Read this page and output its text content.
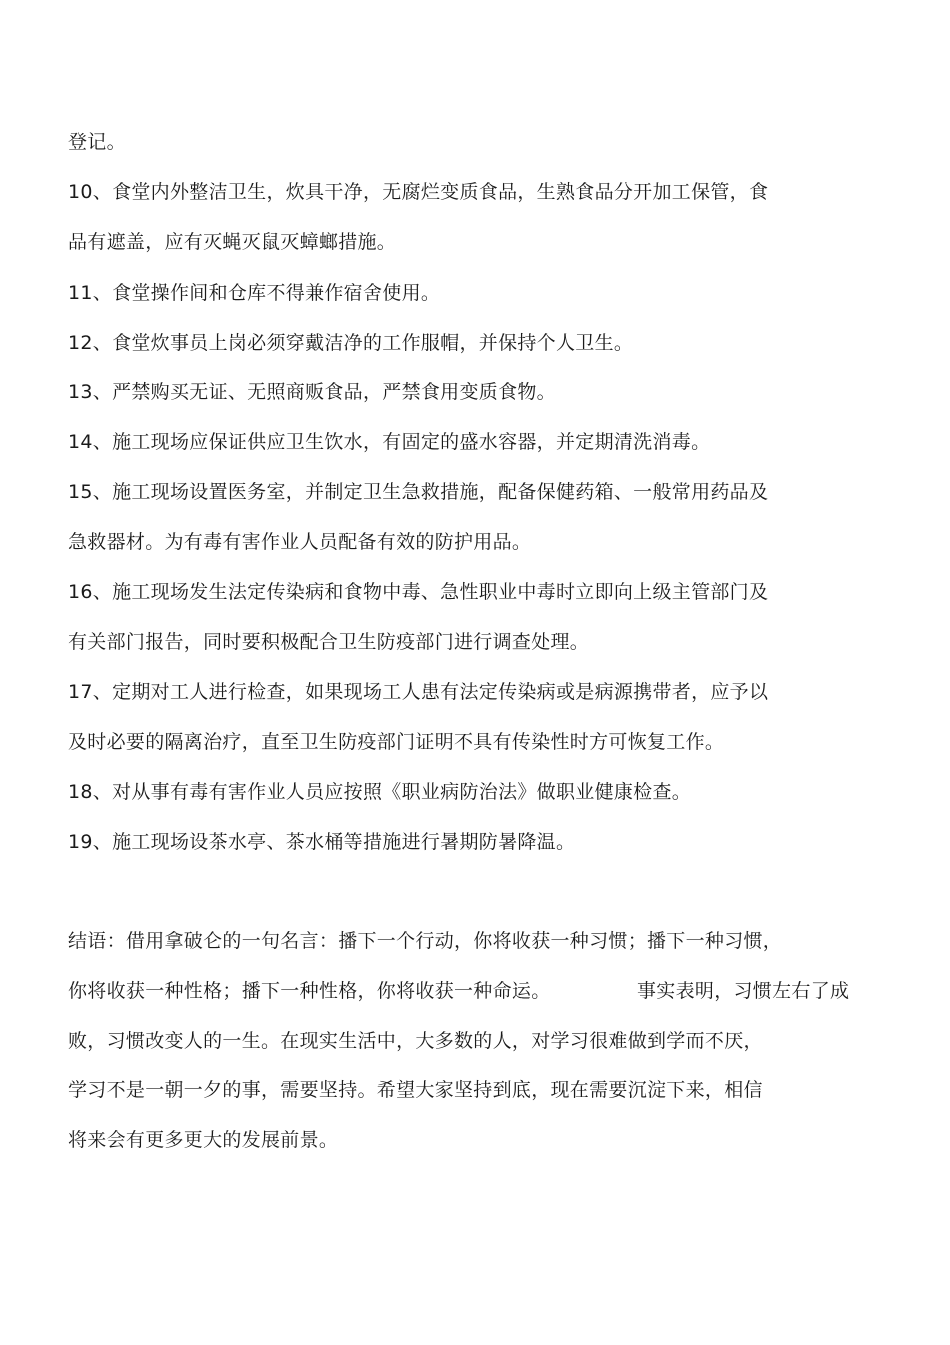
登记。
10、食堂内外整洁卫生，炊具干净，无腐烂变质食品，生熟食品分开加工保管，食
品有遮盖，应有灭蝇灭鼠灭蟑螂措施。
11、食堂操作间和仓库不得兼作宿舍使用。
12、食堂炊事员上岗必须穿戴洁净的工作服帽，并保持个人卫生。
13、严禁购买无证、无照商贩食品，严禁食用变质食物。
14、施工现场应保证供应卫生饮水，有固定的盛水容器，并定期清洗消毒。
15、施工现场设置医务室，并制定卫生急救措施，配备保健药箱、一般常用药品及
急救器材。为有毒有害作业人员配备有效的防护用品。
16、施工现场发生法定传染病和食物中毒、急性职业中毒时立即向上级主管部门及
有关部门报告，同时要积极配合卫生防疫部门进行调查处理。
17、定期对工人进行检查，如果现场工人患有法定传染病或是病源携带者，应予以
及时必要的隔离治疗，直至卫生防疫部门证明不具有传染性时方可恢复工作。
18、对从事有毒有害作业人员应按照《职业病防治法》做职业健康检查。
19、施工现场设茶水亭、茶水桶等措施进行暑期防暑降温。
结语：借用拿破仑的一句名言：播下一个行动，你将收获一种习惯；播下一种习惯，
你将收获一种性格；播下一种性格，你将收获一种命运。	事实表明，习惯左右了成
败，习惯改变人的一生。在现实生活中，大多数的人，对学习很难做到学而不厌，
学习不是一朝一夕的事，需要坚持。希望大家坚持到底，现在需要沉淀下来，相信
将来会有更多更大的发展前景。
